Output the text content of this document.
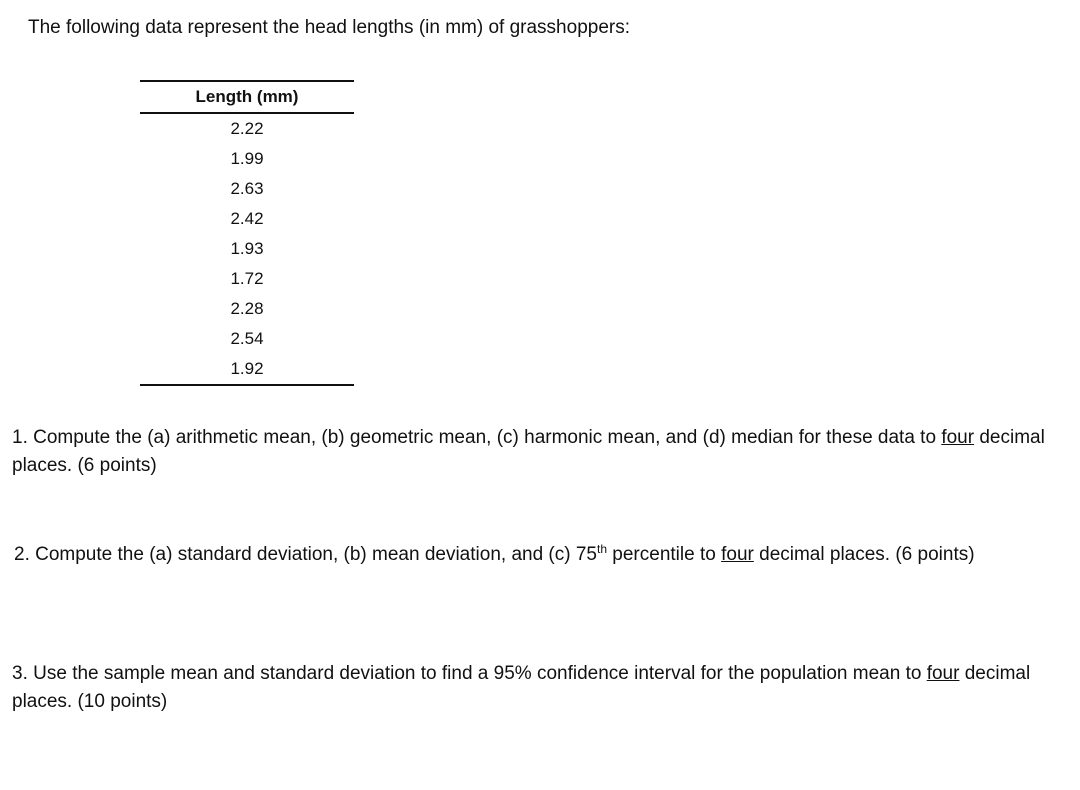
The following data represent the head lengths (in mm) of grasshoppers:

Length (mm)
2.22
1.99
2.63
2.42
1.93
1.72
2.28
2.54
1.92

1. Compute the (a) arithmetic mean, (b) geometric mean, (c) harmonic mean, and (d) median for these data to four decimal places. (6 points)

2. Compute the (a) standard deviation, (b) mean deviation, and (c) 75th percentile to four decimal places. (6 points)

3. Use the sample mean and standard deviation to find a 95% confidence interval for the population mean to four decimal places. (10 points)
